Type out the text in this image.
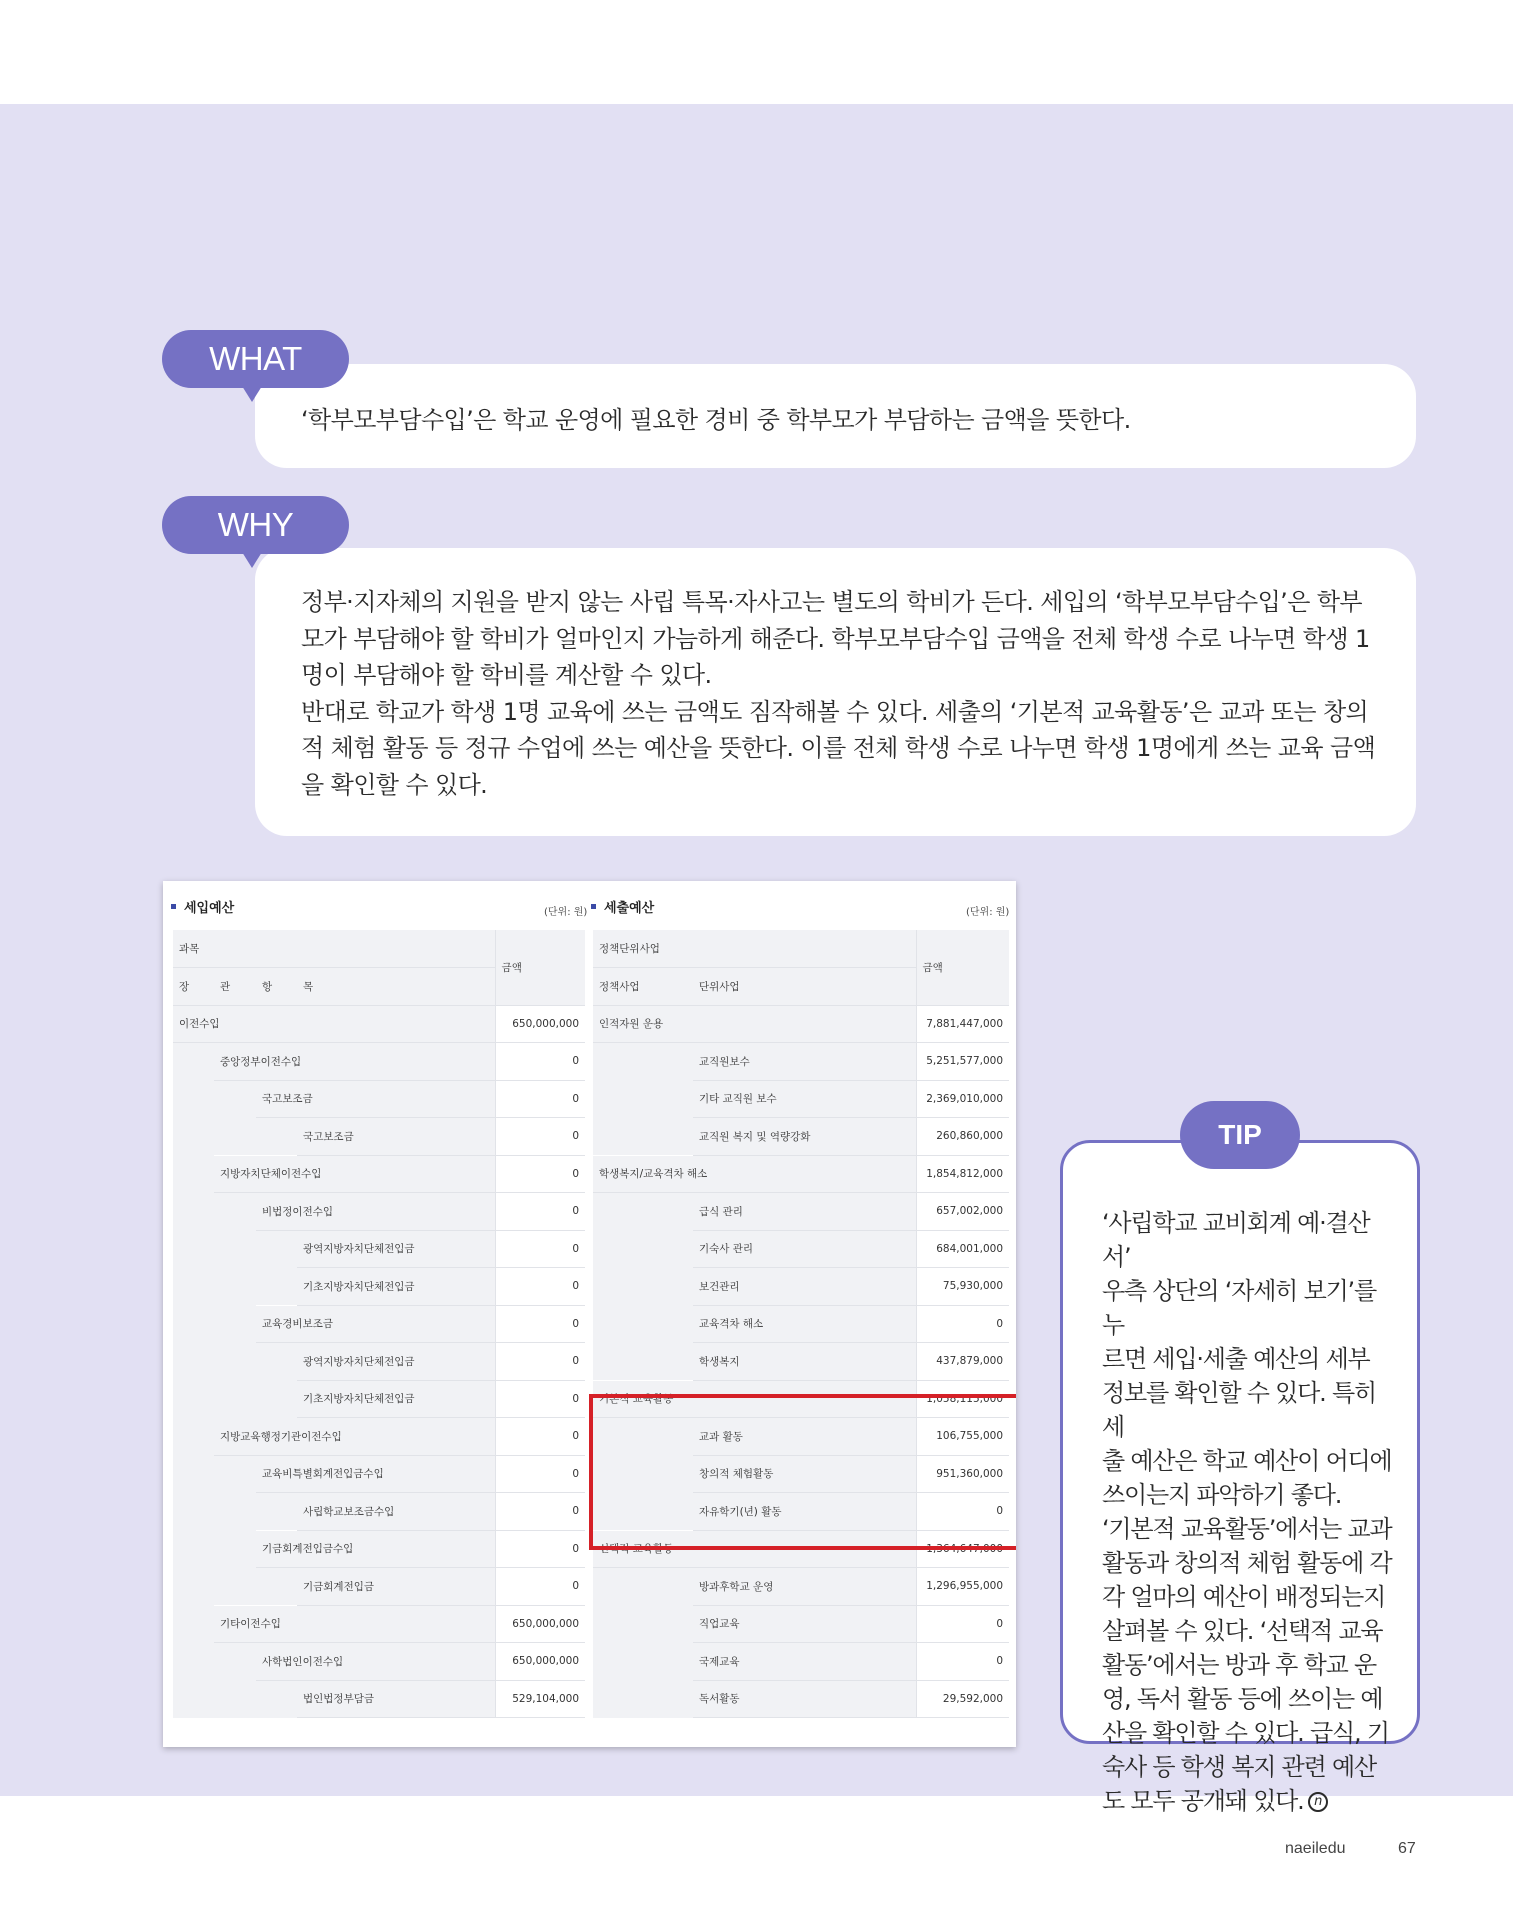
‘학부모부담수입’은 학교 운영에 필요한 경비 중 학부모가 부담하는 금액을 뜻한다.

WHAT

정부·지자체의 지원을 받지 않는 사립 특목·자사고는 별도의 학비가 든다. 세입의 ‘학부모부담수입’은 학부

모가 부담해야 할 학비가 얼마인지 가늠하게 해준다. 학부모부담수입 금액을 전체 학생 수로 나누면 학생 1

명이 부담해야 할 학비를 계산할 수 있다.

반대로 학교가 학생 1명 교육에 쓰는 금액도 짐작해볼 수 있다. 세출의 ‘기본적 교육활동’은 교과 또는 창의

적 체험 활동 등 정규 수업에 쓰는 예산을 뜻한다. 이를 전체 학생 수로 나누면 학생 1명에게 쓰는 교육 금액

을 확인할 수 있다.

WHY
세입예산	(단위: 원)	세출예산	(단위: 원)
과목				금액
장	관	항	목	
이전수입				650,000,000
	중앙정부이전수입			0
		국고보조금		0
			국고보조금	0
	지방자치단체이전수입			0
		비법정이전수입		0
			광역지방자치단체전입금	0
			기초지방자치단체전입금	0
		교육경비보조금		0
			광역지방자치단체전입금	0
			기초지방자치단체전입금	0
	지방교육행정기관이전수입			0
		교육비특별회계전입금수입		0
			사립학교보조금수입	0
		기금회계전입금수입		0
			기금회계전입금	0
	기타이전수입			650,000,000
		사학법인이전수입		650,000,000
			법인법정부담금	529,104,000
정책단위사업		금액
정책사업	단위사업	
인적자원 운용		7,881,447,000
	교직원보수	5,251,577,000
	기타 교직원 보수	2,369,010,000
	교직원 복지 및 역량강화	260,860,000
학생복지/교육격차 해소		1,854,812,000
	급식 관리	657,002,000
	기숙사 관리	684,001,000
	보건관리	75,930,000
	교육격차 해소	0
	학생복지	437,879,000
기본적 교육활동		1,058,115,000
	교과 활동	106,755,000
	창의적 체험활동	951,360,000
	자유학기(년) 활동	0
선택적 교육활동		1,364,647,000
	방과후학교 운영	1,296,955,000
	직업교육	0
	국제교육	0
	독서활동	29,592,000
TIP

‘사립학교 교비회계 예·결산서’

우측 상단의 ‘자세히 보기’를 누

르면 세입·세출 예산의 세부

정보를 확인할 수 있다. 특히 세

출 예산은 학교 예산이 어디에

쓰이는지 파악하기 좋다.

‘기본적 교육활동’에서는 교과

활동과 창의적 체험 활동에 각

각 얼마의 예산이 배정되는지

살펴볼 수 있다. ‘선택적 교육

활동’에서는 방과 후 학교 운

영, 독서 활동 등에 쓰이는 예

산을 확인할 수 있다. 급식, 기

숙사 등 학생 복지 관련 예산

도 모두 공개돼 있다. n

naeiledu	67
